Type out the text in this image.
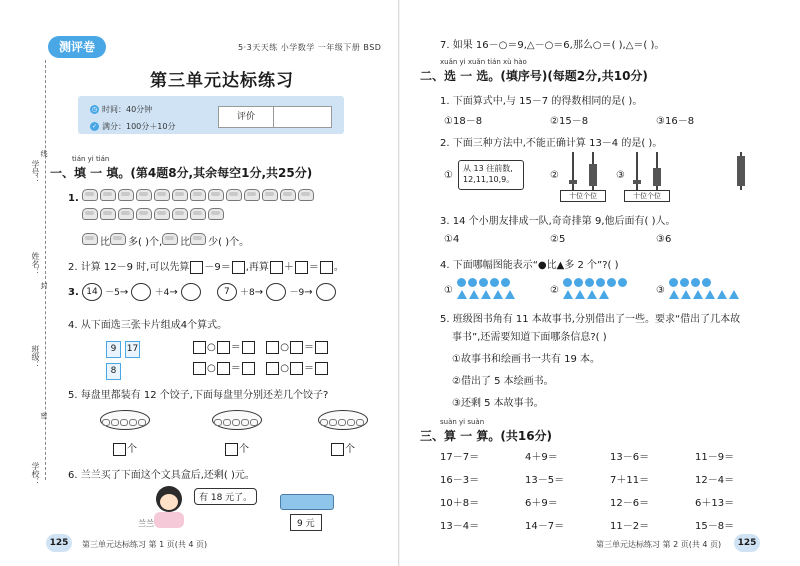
测评卷	5·3天天练 小学数学 一年级下册 BSD
第三单元达标练习
◷ 时间：40分钟
✓ 满分：100分＋10分
评价
学号：
线
姓名：
封
班级：
密
学校：
tián yi tián
一、填 一 填。(第4题8分,其余每空1分,共25分)
1.
比 多( )个, 比 少( )个。
2. 计算 12－9 时,可以先算 －9＝ ,再算 ＋ ＝ 。
3. 14 －5→	＋4→	7 ＋8→	－9→
4. 从下面选三张卡片组成4个算式。
9 17
8
○ ＝	○ ＝
○ ＝	○ ＝
5. 每盘里都装有 12 个饺子,下面每盘里分别还差几个饺子?
个	个	个
6. 兰兰买了下面这个文具盒后,还剩( )元。
有 18 元了。
兰兰	9 元
125	第三单元达标练习 第 1 页(共 4 页)
7. 如果 16－○＝9,△－○＝6,那么○＝( ),△＝( )。
xuǎn yi xuǎn tián xù hào
二、选 一 选。(填序号)(每题2分,共10分)
1. 下面算式中,与 15－7 的得数相同的是( )。
①18－8	②15－8	③16－8
2. 下面三种方法中,不能正确计算 13－4 的是( )。
①
从 13 往前数,
12,11,10,9。	②
十位个位
③
十位个位
3. 14 个小朋友排成一队,奇奇排第 9,他后面有( )人。
①4	②5	③6
4. 下面哪幅图能表示“●比▲多 2 个”?( )
①	②	③

5. 班级图书角有 11 本故事书,分别借出了一些。要求“借出了几本故
事书”,还需要知道下面哪条信息?( )
①故事书和绘画书一共有 19 本。
②借出了 5 本绘画书。
③还剩 5 本故事书。
suàn yi suàn
三、算 一 算。(共16分)
17－7＝	4＋9＝	13－6＝	11－9＝
16－3＝	13－5＝	7＋11＝	12－4＝
10＋8＝	6＋9＝	12－6＝	6＋13＝
13－4＝	14－7＝	11－2＝	15－8＝
第三单元达标练习 第 2 页(共 4 页)	125
